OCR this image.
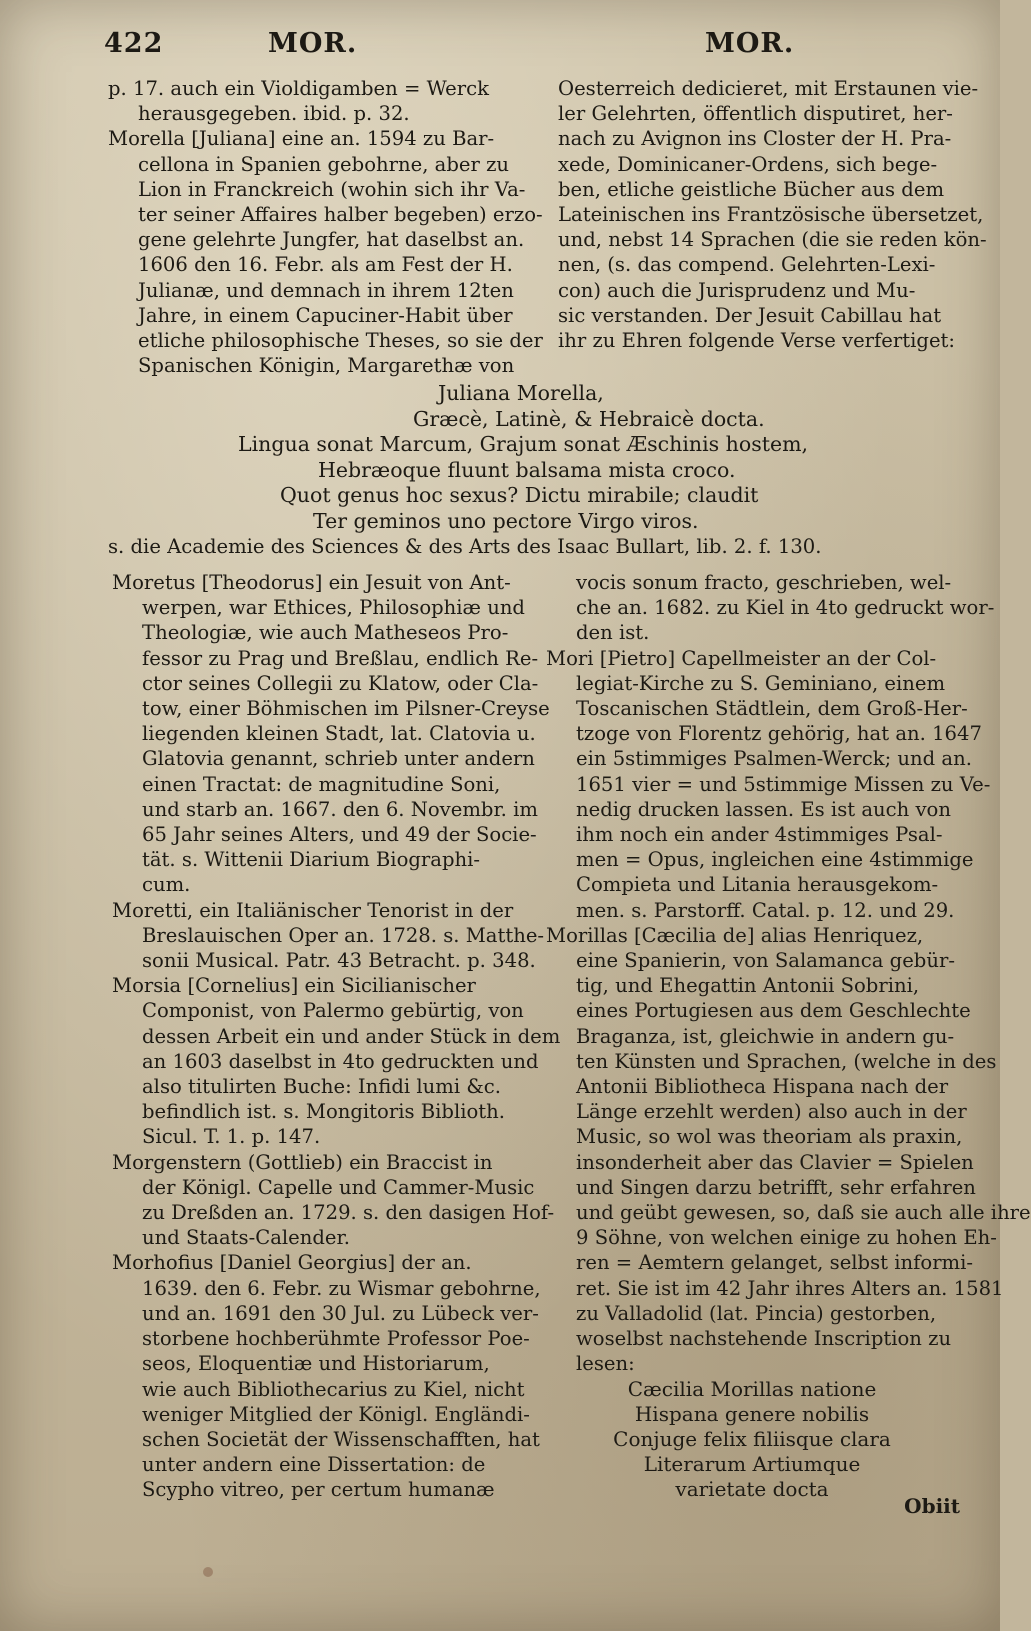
422	MOR.	MOR.
p. 17. auch ein Violdigamben = Werck
herausgegeben. ibid. p. 32.
Morella [Juliana] eine an. 1594 zu Bar-
cellona in Spanien gebohrne, aber zu
Lion in Franckreich (wohin sich ihr Va-
ter seiner Affaires halber begeben) erzo-
gene gelehrte Jungfer, hat daselbst an.
1606 den 16. Febr. als am Fest der H.
Julianæ, und demnach in ihrem 12ten
Jahre, in einem Capuciner-Habit über
etliche philosophische Theses, so sie der
Spanischen Königin, Margarethæ von
Oesterreich dedicieret, mit Erstaunen vie-
ler Gelehrten, öffentlich disputiret, her-
nach zu Avignon ins Closter der H. Pra-
xede, Dominicaner-Ordens, sich bege-
ben, etliche geistliche Bücher aus dem
Lateinischen ins Frantzösische übersetzet,
und, nebst 14 Sprachen (die sie reden kön-
nen, (s. das compend. Gelehrten-Lexi-
con) auch die Jurisprudenz und Mu-
sic verstanden. Der Jesuit Cabillau hat
ihr zu Ehren folgende Verse verfertiget:
Juliana Morella,
Græcè, Latinè, & Hebraicè docta.
Lingua sonat Marcum, Grajum sonat Æschinis hostem,
Hebræoque fluunt balsama mista croco.
Quot genus hoc sexus? Dictu mirabile; claudit
Ter geminos uno pectore Virgo viros.
s. die Academie des Sciences & des Arts des Isaac Bullart, lib. 2. f. 130.
Moretus [Theodorus] ein Jesuit von Ant-
werpen, war Ethices, Philosophiæ und
Theologiæ, wie auch Matheseos Pro-
fessor zu Prag und Breßlau, endlich Re-
ctor seines Collegii zu Klatow, oder Cla-
tow, einer Böhmischen im Pilsner-Creyse
liegenden kleinen Stadt, lat. Clatovia u.
Glatovia genannt, schrieb unter andern
einen Tractat: de magnitudine Soni,
und starb an. 1667. den 6. Novembr. im
65 Jahr seines Alters, und 49 der Socie-
tät. s. Wittenii Diarium Biographi-
cum.
Moretti, ein Italiänischer Tenorist in der
Breslauischen Oper an. 1728. s. Matthe-
sonii Musical. Patr. 43 Betracht. p. 348.
Morsia [Cornelius] ein Sicilianischer
Componist, von Palermo gebürtig, von
dessen Arbeit ein und ander Stück in dem
an 1603 daselbst in 4to gedruckten und
also titulirten Buche: Infidi lumi &c.
befindlich ist. s. Mongitoris Biblioth.
Sicul. T. 1. p. 147.
Morgenstern (Gottlieb) ein Braccist in
der Königl. Capelle und Cammer-Music
zu Dreßden an. 1729. s. den dasigen Hof-
und Staats-Calender.
Morhofius [Daniel Georgius] der an.
1639. den 6. Febr. zu Wismar gebohrne,
und an. 1691 den 30 Jul. zu Lübeck ver-
storbene hochberühmte Professor Poe-
seos, Eloquentiæ und Historiarum,
wie auch Bibliothecarius zu Kiel, nicht
weniger Mitglied der Königl. Engländi-
schen Societät der Wissenschafften, hat
unter andern eine Dissertation: de
Scypho vitreo, per certum humanæ
vocis sonum fracto, geschrieben, wel-
che an. 1682. zu Kiel in 4to gedruckt wor-
den ist.
Mori [Pietro] Capellmeister an der Col-
legiat-Kirche zu S. Geminiano, einem
Toscanischen Städtlein, dem Groß-Her-
tzoge von Florentz gehörig, hat an. 1647
ein 5stimmiges Psalmen-Werck; und an.
1651 vier = und 5stimmige Missen zu Ve-
nedig drucken lassen. Es ist auch von
ihm noch ein ander 4stimmiges Psal-
men = Opus, ingleichen eine 4stimmige
Compieta und Litania herausgekom-
men. s. Parstorff. Catal. p. 12. und 29.
Morillas [Cæcilia de] alias Henriquez,
eine Spanierin, von Salamanca gebür-
tig, und Ehegattin Antonii Sobrini,
eines Portugiesen aus dem Geschlechte
Braganza, ist, gleichwie in andern gu-
ten Künsten und Sprachen, (welche in des
Antonii Bibliotheca Hispana nach der
Länge erzehlt werden) also auch in der
Music, so wol was theoriam als praxin,
insonderheit aber das Clavier = Spielen
und Singen darzu betrifft, sehr erfahren
und geübt gewesen, so, daß sie auch alle ihre
9 Söhne, von welchen einige zu hohen Eh-
ren = Aemtern gelanget, selbst informi-
ret. Sie ist im 42 Jahr ihres Alters an. 1581
zu Valladolid (lat. Pincia) gestorben,
woselbst nachstehende Inscription zu
lesen:
Cæcilia Morillas natione
Hispana genere nobilis
Conjuge felix filiisque clara
Literarum Artiumque
varietate docta
Obiit
